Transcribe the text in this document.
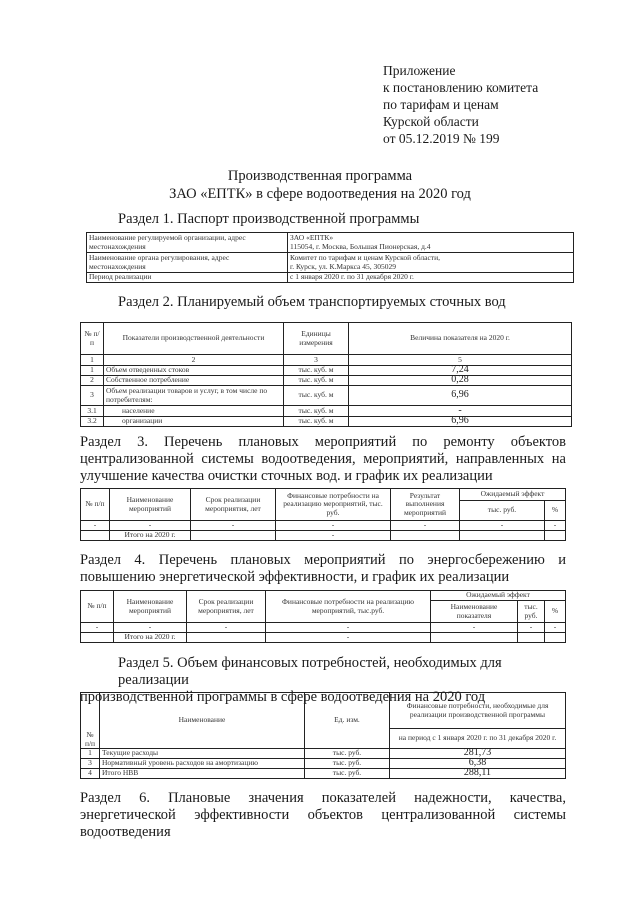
Приложение
к постановлению комитета
по тарифам и ценам
Курской области
от 05.12.2019 № 199
Производственная программа
ЗАО «ЕПТК» в сфере водоотведения на 2020 год
Раздел 1. Паспорт производственной программы
Наименование регулируемой организации, адрес местонахождения	ЗАО «ЕПТК»
115054, г. Москва, Большая Пионерская, д.4

Наименование органа регулирования, адрес местонахождения	Комитет по тарифам и ценам Курской области,
г. Курск, ул. К.Маркса 45, 305029

Период реализации	с 1 января 2020 г. по 31 декабря 2020 г.
Раздел 2. Планируемый объем транспортируемых сточных вод
№ п/п	Показатели производственной деятельности	Единицы измерения	Величина показателя на 2020 г.
1	2	3	5
1	Объем отведенных стоков	тыс. куб. м	7,24
2	Собственное потребление	тыс. куб. м	0,28
3	Объем реализации товаров и услуг, в том числе по потребителям:	тыс. куб. м	6,96
3.1	население	тыс. куб. м	-
3.2	организации	тыс. куб. м	6,96
Раздел 3. Перечень плановых мероприятий по ремонту объектов
централизованной системы водоотведения, мероприятий, направленных на
улучшение качества очистки сточных вод. и график их реализации
№ п/п	Наименование мероприятий	Срок реализации мероприятия, лет	Финансовые потребности на реализацию мероприятий, тыс. руб.	Результат выполнения мероприятий	Ожидаемый эффект	
					тыс. руб.	%
-	-	-	-	-	-	-
	Итого на 2020 г.		-			
Раздел 4. Перечень плановых мероприятий по энергосбережению и
повышению энергетической эффективности, и график их реализации
№ п/п	Наименование мероприятий	Срок реализации мероприятия, лет	Финансовые потребности на реализацию мероприятий, тыс.руб.	Ожидаемый эффект		
				Наименование показателя	тыс. руб.	%
-	-	-	-	-	-	-
	Итого на 2020 г.		-			
Раздел 5. Объем финансовых потребностей, необходимых для реализации
производственной программы в сфере водоотведения на 2020 год
№ п/п	Наименование	Ед. изм.	Финансовые потребности, необходимые для реализации производственной программы
			на период с 1 января 2020 г. по 31 декабря 2020 г.
1	Текущие расходы	тыс. руб.	281,73
3	Нормативный уровень расходов на амортизацию	тыс. руб.	6,38
4	Итого НВВ	тыс. руб.	288,11
Раздел 6. Плановые значения показателей надежности, качества,
энергетической эффективности объектов централизованной системы
водоотведения
